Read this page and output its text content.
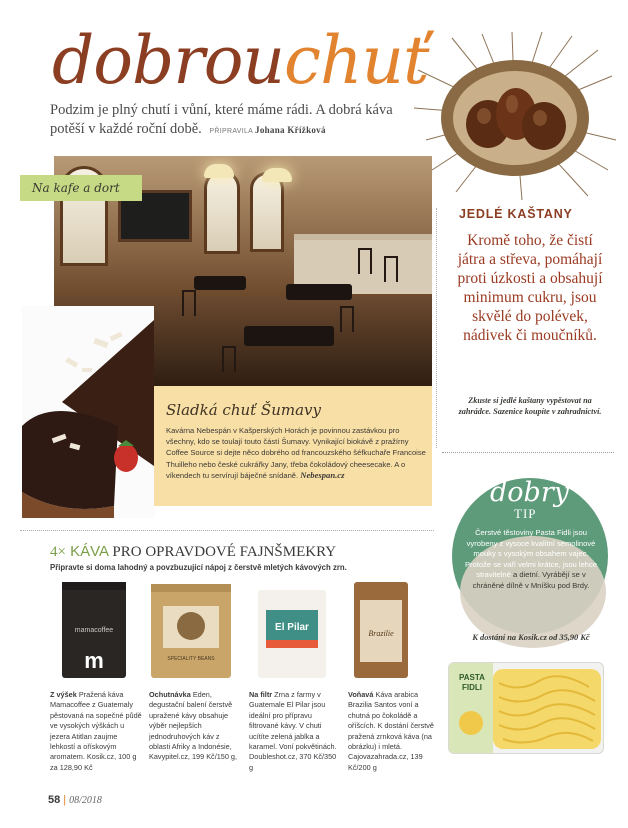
dobrouchuť
Podzim je plný chutí i vůní, které máme rádi. A dobrá káva potěší v každé roční době. PŘIPRAVILA Johana Křížková
Na kafe a dort
Sladká chuť Šumavy
Kavárna Nebespán v Kašperských Horách je povinnou zastávkou pro všechny, kdo se toulají touto částí Šumavy. Vynikající biokávě z pražírny Coffee Source si dejte něco dobrého od francouzského šéfkuchaře Francoise Thuilleho nebo české cukrářky Jany, třeba čokoládový cheesecake. A o víkendech tu servírují báječné snídaně. Nebespan.cz
JEDLÉ KAŠTANY
Kromě toho, že čistí játra a střeva, pomáhají proti úzkosti a obsahují minimum cukru, jsou skvělé do polévek, nádivek či moučníků.
Zkuste si jedlé kaštany vypěstovat na zahrádce. Sazenice koupíte v zahradnictví.
dobrý
TIP
Čerstvé těstoviny Pasta Fidli jsou vyrobeny z vysoce kvalitní semolinové mouky s vysokým obsahem vajec. Protože se vaří velmi krátce, jsou lehce stravitelné a dietní. Vyrábějí se v chráněné dílně v Mníšku pod Brdy.
K dostání na Kosik.cz od 35,90 Kč
PASTA FIDLI
4× KÁVA PRO OPRAVDOVÉ FAJNŠMEKRY
Připravte si doma lahodný a povzbuzující nápoj z čerstvě mletých kávových zrn.
mamacoffee
m	SPECIALITY BEANS
El Pilar
Brazilie
Z výšek Pražená káva Mamacoffee z Guatemaly pěstovaná na sopečné půdě ve vysokých výškách u jezera Atitlan zaujme lehkostí a ořískovým aromatem. Kosik.cz, 100 g za 128,90 Kč
Ochutnávka Eden, degustační balení čerstvě upražené kávy obsahuje výběr nejlepších jednodruhových káv z oblasti Afriky a Indonésie, Kavypitel.cz, 199 Kč/150 g,
Na filtr Zrna z farmy v Guatemale El Pilar jsou ideální pro přípravu filtrované kávy. V chuti ucítíte zelená jablka a karamel. Voní pokvětinách. Doubleshot.cz, 370 Kč/350 g
Voňavá Káva arabica Brazilia Santos voní a chutná po čokoládě a oříšcích. K dostání čerstvě pražená zrnková káva (na obrázku) i mletá. Cajovazahrada.cz, 139 Kč/200 g
58 | 08/2018
